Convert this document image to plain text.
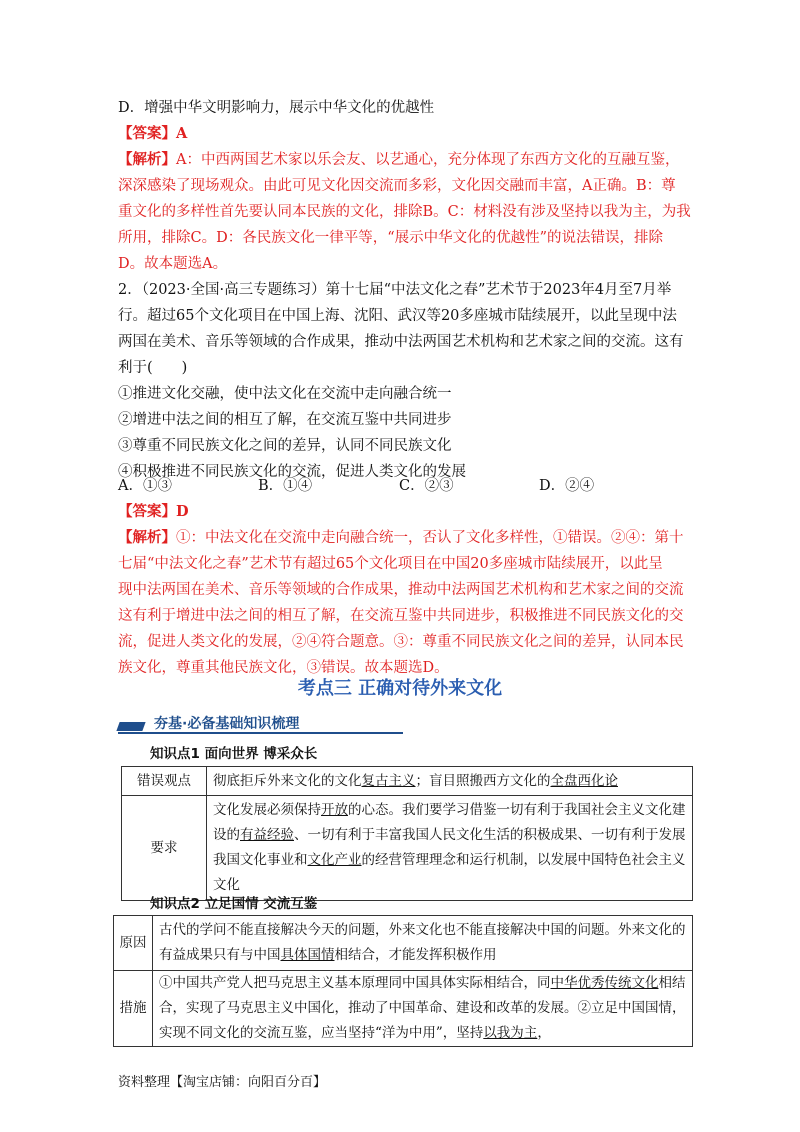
D．增强中华文明影响力，展示中华文化的优越性
【答案】A
【解析】A：中西两国艺术家以乐会友、以艺通心，充分体现了东西方文化的互融互鉴，
深深感染了现场观众。由此可见文化因交流而多彩，文化因交融而丰富，A正确。B：尊
重文化的多样性首先要认同本民族的文化，排除B。C：材料没有涉及坚持以我为主，为我
所用，排除C。D：各民族文化一律平等，“展示中华文化的优越性”的说法错误，排除
D。故本题选A。
2．（2023·全国·高三专题练习）第十七届“中法文化之春”艺术节于2023年4月至7月举
行。超过65个文化项目在中国上海、沈阳、武汉等20多座城市陆续展开，以此呈现中法
两国在美术、音乐等领域的合作成果，推动中法两国艺术机构和艺术家之间的交流。这有
利于(　　)
①推进文化交融，使中法文化在交流中走向融合统一
②增进中法之间的相互了解，在交流互鉴中共同进步
③尊重不同民族文化之间的差异，认同不同民族文化
④积极推进不同民族文化的交流，促进人类文化的发展
A．①③	B．①④	C．②③	D．②④
【答案】D
【解析】①：中法文化在交流中走向融合统一，否认了文化多样性，①错误。②④：第十
七届“中法文化之春”艺术节有超过65个文化项目在中国20多座城市陆续展开，以此呈
现中法两国在美术、音乐等领域的合作成果，推动中法两国艺术机构和艺术家之间的交流
这有利于增进中法之间的相互了解，在交流互鉴中共同进步，积极推进不同民族文化的交
流，促进人类文化的发展，②④符合题意。③：尊重不同民族文化之间的差异，认同本民
族文化，尊重其他民族文化，③错误。故本题选D。
考点三 正确对待外来文化
夯基·必备基础知识梳理
知识点1 面向世界 博采众长
错误观点	彻底拒斥外来文化的文化复古主义；盲目照搬西方文化的全盘西化论
要求	文化发展必须保持开放的心态。我们要学习借鉴一切有利于我国社会主义文化建设的有益经验、一切有利于丰富我国人民文化生活的积极成果、一切有利于发展我国文化事业和文化产业的经营管理理念和运行机制，以发展中国特色社会主义文化
知识点2 立足国情 交流互鉴
原因	古代的学问不能直接解决今天的问题，外来文化也不能直接解决中国的问题。外来文化的有益成果只有与中国具体国情相结合，才能发挥积极作用
措施	①中国共产党人把马克思主义基本原理同中国具体实际相结合，同中华优秀传统文化相结合，实现了马克思主义中国化，推动了中国革命、建设和改革的发展。②立足中国国情，实现不同文化的交流互鉴，应当坚持“洋为中用”，坚持以我为主，
资料整理【淘宝店铺：向阳百分百】
